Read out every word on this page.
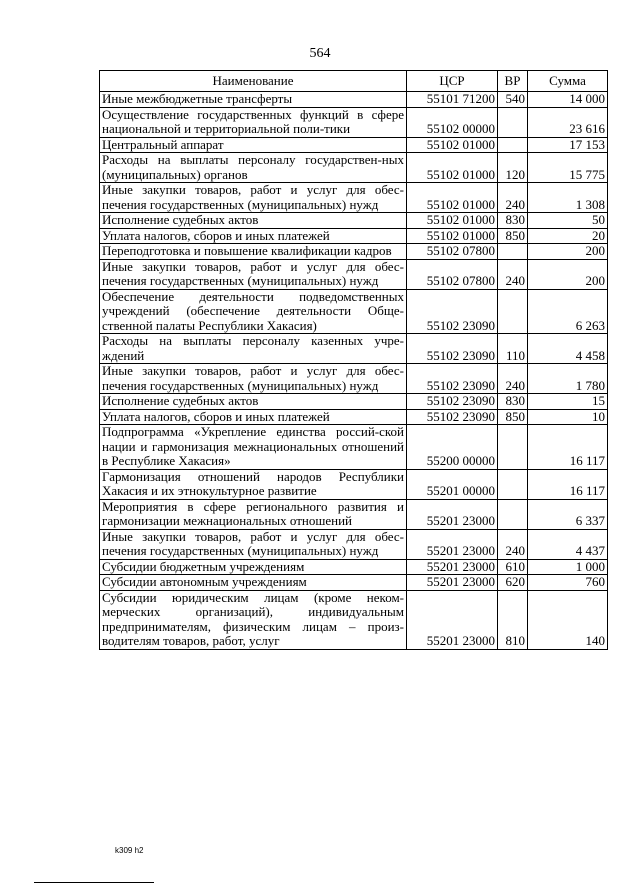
564
Наименование	ЦСР	ВР	Сумма
Иные межбюджетные трансферты	55101 71200	540	14 000
Осуществление государственных функций в сфере национальной и территориальной поли-тики	55102 00000		23 616
Центральный аппарат	55102 01000		17 153
Расходы на выплаты персоналу государствен-ных (муниципальных) органов	55102 01000	120	15 775
Иные закупки товаров, работ и услуг для обес-печения государственных (муниципальных) нужд	55102 01000	240	1 308
Исполнение судебных актов	55102 01000	830	50
Уплата налогов, сборов и иных платежей	55102 01000	850	20
Переподготовка и повышение квалификации кадров	55102 07800		200
Иные закупки товаров, работ и услуг для обес-печения государственных (муниципальных) нужд	55102 07800	240	200
Обеспечение деятельности подведомственных учреждений (обеспечение деятельности Обще-ственной палаты Республики Хакасия)	55102 23090		6 263
Расходы на выплаты персоналу казенных учре-ждений	55102 23090	110	4 458
Иные закупки товаров, работ и услуг для обес-печения государственных (муниципальных) нужд	55102 23090	240	1 780
Исполнение судебных актов	55102 23090	830	15
Уплата налогов, сборов и иных платежей	55102 23090	850	10
Подпрограмма «Укрепление единства россий-ской нации и гармонизация межнациональных отношений в Республике Хакасия»	55200 00000		16 117
Гармонизация отношений народов Республики Хакасия и их этнокультурное развитие	55201 00000		16 117
Мероприятия в сфере регионального развития и гармонизации межнациональных отношений	55201 23000		6 337
Иные закупки товаров, работ и услуг для обес-печения государственных (муниципальных) нужд	55201 23000	240	4 437
Субсидии бюджетным учреждениям	55201 23000	610	1 000
Субсидии автономным учреждениям	55201 23000	620	760
Субсидии юридическим лицам (кроме неком-мерческих организаций), индивидуальным предпринимателям, физическим лицам – произ-водителям товаров, работ, услуг	55201 23000	810	140
k309 h2
